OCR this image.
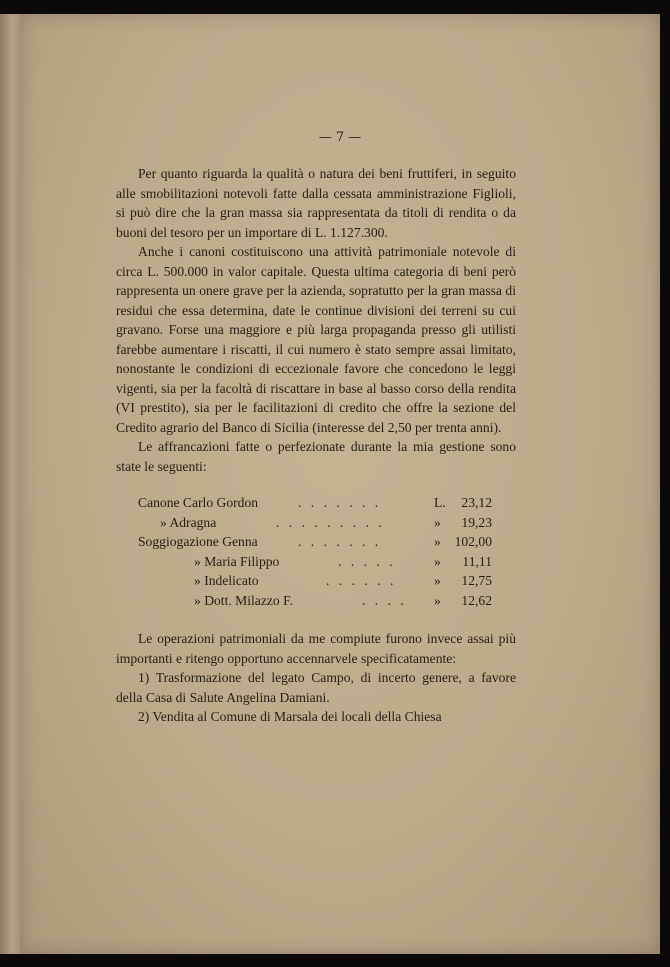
— 7 —

Per quanto riguarda la qualità o natura dei beni fruttiferi, in seguito alle smobilitazioni notevoli fatte dalla cessata amministrazione Figlioli, si può dire che la gran massa sia rappresentata da titoli di rendita o da buoni del tesoro per un importare di L. 1.127.300.

Anche i canoni costituiscono una attività patrimoniale notevole di circa L. 500.000 in valor capitale. Questa ultima categoria di beni però rappresenta un onere grave per la azienda, sopratutto per la gran massa di residui che essa determina, date le continue divisioni dei terreni su cui gravano. Forse una maggiore e più larga propaganda presso gli utilisti farebbe aumentare i riscatti, il cui numero è stato sempre assai limitato, nonostante le condizioni di eccezionale favore che concedono le leggi vigenti, sia per la facoltà di riscattare in base al basso corso della rendita (VI prestito), sia per le facilitazioni di credito che offre la sezione del Credito agrario del Banco di Sicilia (interesse del 2,50 per trenta anni).

Le affrancazioni fatte o perfezionate durante la mia gestione sono state le seguenti:

Canone Carlo Gordon	. . . . . . .	L. 23,12
» Adragna	. . . . . . . . .	» 19,23
Soggiogazione Genna	. . . . . . .	» 102,00
» Maria Filippo	. . . . .	» 11,11
» Indelicato	. . . . . .	» 12,75
» Dott. Milazzo F.	. . . . » 12,62

Le operazioni patrimoniali da me compiute furono invece assai più importanti e ritengo opportuno accennarvele specificatamente:

1) Trasformazione del legato Campo, di incerto genere, a favore della Casa di Salute Angelina Damiani.

2) Vendita al Comune di Marsala dei locali della Chiesa
